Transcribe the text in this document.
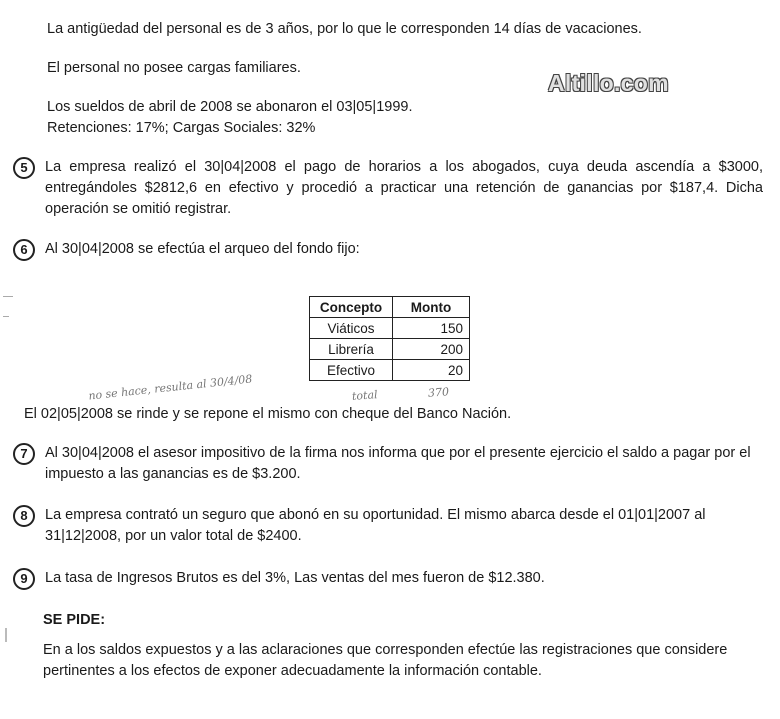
La antigüedad del personal es de 3 años, por lo que le corresponden 14 días de vacaciones.
El personal no posee cargas familiares.
Altillo.com
Los sueldos de abril de 2008 se abonaron el 03|05|1999.
Retenciones: 17%; Cargas Sociales: 32%
5	La empresa realizó el 30|04|2008 el pago de horarios a los abogados, cuya deuda ascendía a $3000, entregándoles $2812,6 en efectivo y procedió a practicar una retención de ganancias por $187,4. Dicha operación se omitió registrar.
6	Al 30|04|2008 se efectúa el arqueo del fondo fijo:
Concepto	Monto
Viáticos	150
Librería	200
Efectivo	20
no se hace, resulta al 30/4/08	total	370
El 02|05|2008 se rinde y se repone el mismo con cheque del Banco Nación.
7	Al 30|04|2008 el asesor impositivo de la firma nos informa que por el presente ejercicio el saldo a pagar por el impuesto a las ganancias es de $3.200.
8	La empresa contrató un seguro que abonó en su oportunidad. El mismo abarca desde el 01|01|2007 al 31|12|2008, por un valor total de $2400.
9	La tasa de Ingresos Brutos es del 3%, Las ventas del mes fueron de $12.380.
SE PIDE:
En a los saldos expuestos y a las aclaraciones que corresponden efectúe las registraciones que considere pertinentes a los efectos de exponer adecuadamente la información contable.
